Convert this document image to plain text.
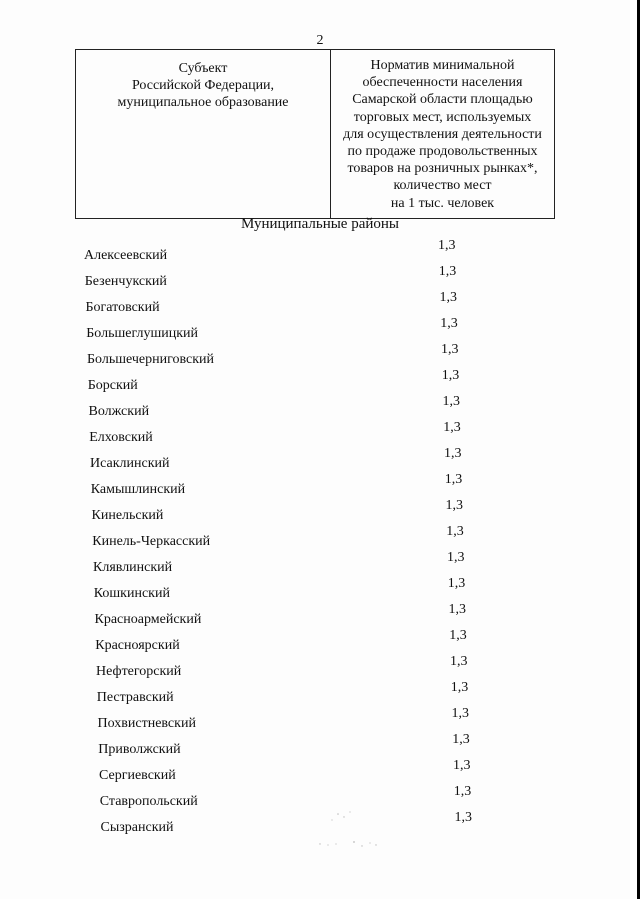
2
Субъект
Российской Федерации,
муниципальное образование
Норматив минимальной
обеспеченности населения
Самарской области площадью
торговых мест, используемых
для осуществления деятельности
по продаже продовольственных
товаров на розничных рынках*,
количество мест
на 1 тыс. человек
Муниципальные районы
Алексеевский
1,3
Безенчукский
1,3
Богатовский
1,3
Большеглушицкий
1,3
Большечерниговский
1,3
Борский
1,3
Волжский
1,3
Елховский
1,3
Исаклинский
1,3
Камышлинский
1,3
Кинельский
1,3
Кинель-Черкасский
1,3
Клявлинский
1,3
Кошкинский
1,3
Красноармейский
1,3
Красноярский
1,3
Нефтегорский
1,3
Пестравский
1,3
Похвистневский
1,3
Приволжский
1,3
Сергиевский
1,3
Ставропольский
1,3
Сызранский
1,3
